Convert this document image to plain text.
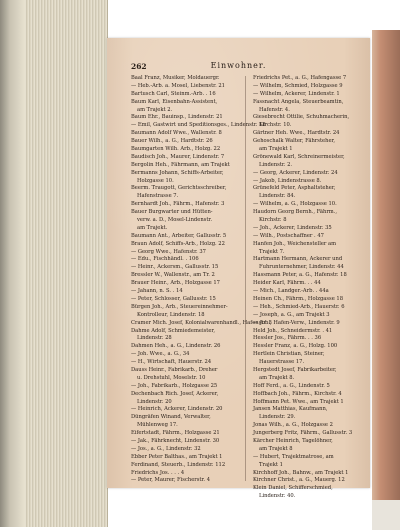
262	Einwohner.
Baal Franz, Musiker, Moldauergr.
— Heb.-Arb. a. Mosel, Liebenstr. 21
Bartusch Carl, Steinm.-Arb. . 16
Baum Karl, Eisenbahn-Assistent,
am Trajekt 2.
Baum Ehr., Bauinsp., Lindenstr. 21
— Emil, Gastwirt und Speditionsges., Lindenstr. 18
Baumann Adolf Wwe., Wallenstr. 8
Bauer Wilh., a. G., Hardtstr. 26
Baumgarten Wilh. Arb., Holzg. 22
Baudisch Joh., Maurer, Lindenstr. 7
Bergolin Heh., Fährmann, am Trajekt
Bermanns Johann, Schiffs-Arbeiter,
Holzgasse 10.
Beerm. Traugott, Gerichtsschreiber,
Hafenstrasse 7.
Bernhardt Joh., Fährm., Hafenstr. 3
Bauer Burgwarter und Hütten-
verw. a. D., Mosel-Lindenstr.
am Trajekt.
Baumann Ant., Arbeiter, Gallusstr. 5
Braun Adolf, Schiffs-Arb., Holzg. 22
— Georg Wwe., Hafenstr. 37
— Edu., Fischhändl. . 106
— Heinr., Ackersm., Gallusstr. 15
Bressler W., Wallenstr., am Tr. 2
Brauer Heinr., Arb., Holzgasse 17
— Jahann, n. S. . 14
— Peter, Schlosser, Gallusstr. 15
Bürgen Joh., Arb., Steuereinnehmer-
Kontrolleur, Lindenstr. 18
Cramer Mich. Josef, Kolonialwarenhandl., Hafenstr. 8
Dahme Adolf, Schmiedemeister,
Lindenstr. 28
Dahmen Heh., a. G., Lindenstr. 26
— Joh. Wwe., a. G., 34
— H., Wirtschaft, Hauerstr. 24
Dauss Heinr., Fabrikarb., Dreher
u. Drehstuhl, Moselstr. 10
— Joh., Fabrikarb., Holzgasse 25
Dechenbach Rich. Josef, Ackerer,
Lindenstr. 20
— Heinrich, Ackerer, Lindenstr. 20
Düngräfen Winand, Verwalter,
Mühlenweg 17.
Eifertstadt, Fährm., Holzgasse 21
— Jak., Fährknecht, Lindenstr. 30
— Jos., a. G., Lindenstr. 32
Ebber Peter Balthas., am Trajekt 1
Ferdinand, Steuerb., Lindenstr. 112
Friedrichs Jos. . . . 4
— Peter, Maurer, Fischerstr. 4
Friedrichs Pet., a. G., Hafengasse 7
— Wilhelm, Schmied, Holzgasse 9
— Wilhelm, Ackerer, Lindenstr. 1
Fassnacht Angela, Steuerbeamtin,
Hafenstr. 4.
Giesebrecht Ottilie, Schuhmacherin,
Kirchstr. 10.
Gärtner Heh. Wwe., Hardtstr. 24
Gehoschalk Walter, Fährsteher,
am Trajekt 1
Grönewald Karl, Schreinermeister,
Lindenstr. 2.
— Georg, Ackerer, Lindenstr. 24
— Jakob, Lindenstrasse 8.
Grünefeld Peter, Asphaltsteher,
Lindenstr. 84.
— Wilhelm, a. G., Holzgasse 10.
Haudorn Georg Bernh., Fährm.,
Kirchstr. 8
— Joh., Ackerer, Lindenstr. 35
— Wilh., Postschaffner . 47
Hanfen Joh., Weichensteller am
Trajekt 7.
Hartmann Hermann, Ackerer und
Fuhrunternehmer, Lindenstr. 44
Hassmann Peter, a. G., Hafenstr. 18
Heider Karl, Fährm. . . 44
— Mich., Landger.-Arb. . 44a
Heinen Ch., Fährm., Holzgasse 18
— Heh., Schmied-Arb., Hauerstr. 6
— Joseph, a. G., am Trajekt 3
— Joh., Hafen-Verw., Lindenstr. 9
Held Joh., Schneidermstr. . 41
Hessler Jos., Fährm. . . 36
Hessler Franz, a. G., Holzg. 100
Hertlein Christian, Steiner,
Hauerstrasse 17.
Hergstedt Josef, Fabrikarbeiter,
am Trajekt 8.
Hoff Ferd., a. G., Lindenstr. 5
Hoffbach Joh., Fährm., Kirchstr. 4
Hoffmann Pet. Wwe., am Trajekt 1
Jansen Matthias, Kaufmann,
Lindenstr. 29.
Jonas Wilh., a. G., Holzgasse 2
Jungerberg Fritz, Fährm., Gallusstr. 3
Kärcher Heinrich, Tagelöhner,
am Trajekt 8
— Hubert, Trajektmatrose, am
Trajekt 1
Kirchhoff Joh., Bahnw., am Trajekt 1
Kirchner Christ., a. G., Mauerg. 12
Klein Daniel, Schifferschmied,
Lindenstr. 40.
